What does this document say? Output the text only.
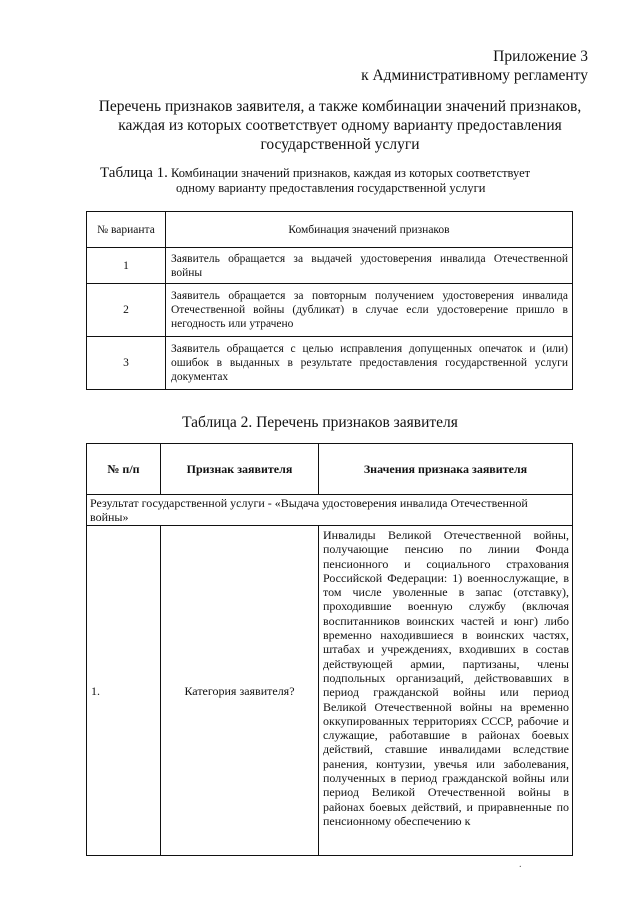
Приложение 3
к Административному регламенту
Перечень признаков заявителя, а также комбинации значений признаков,
каждая из которых соответствует одному варианту предоставления
государственной услуги
Таблица 1. Комбинации значений признаков, каждая из которых соответствует
одному варианту предоставления государственной услуги
№ варианта	Комбинация значений признаков
1	Заявитель обращается за выдачей удостоверения инвалида Отечественной войны
2	Заявитель обращается за повторным получением удостоверения инвалида Отечественной войны (дубликат) в случае если удостоверение пришло в негодность или утрачено
3	Заявитель обращается с целью исправления допущенных опечаток и (или) ошибок в выданных в результате предоставления государственной услуги документах
Таблица 2. Перечень признаков заявителя
№ п/п	Признак заявителя	Значения признака заявителя
Результат государственной услуги - «Выдача удостоверения инвалида Отечественной войны»		
1.	Категория заявителя?	Инвалиды Великой Отечественной войны, получающие пенсию по линии Фонда пенсионного и социального страхования Российской Федерации: 1) военнослужащие, в том числе уволенные в запас (отставку), проходившие военную службу (включая воспитанников воинских частей и юнг) либо временно находившиеся в воинских частях, штабах и учреждениях, входивших в состав действующей армии, партизаны, члены подпольных организаций, действовавших в период гражданской войны или период Великой Отечественной войны на временно оккупированных территориях СССР, рабочие и служащие, работавшие в районах боевых действий, ставшие инвалидами вследствие ранения, контузии, увечья или заболевания, полученных в период гражданской войны или период Великой Отечественной войны в районах боевых действий, и приравненные по пенсионному обеспечению к
·
